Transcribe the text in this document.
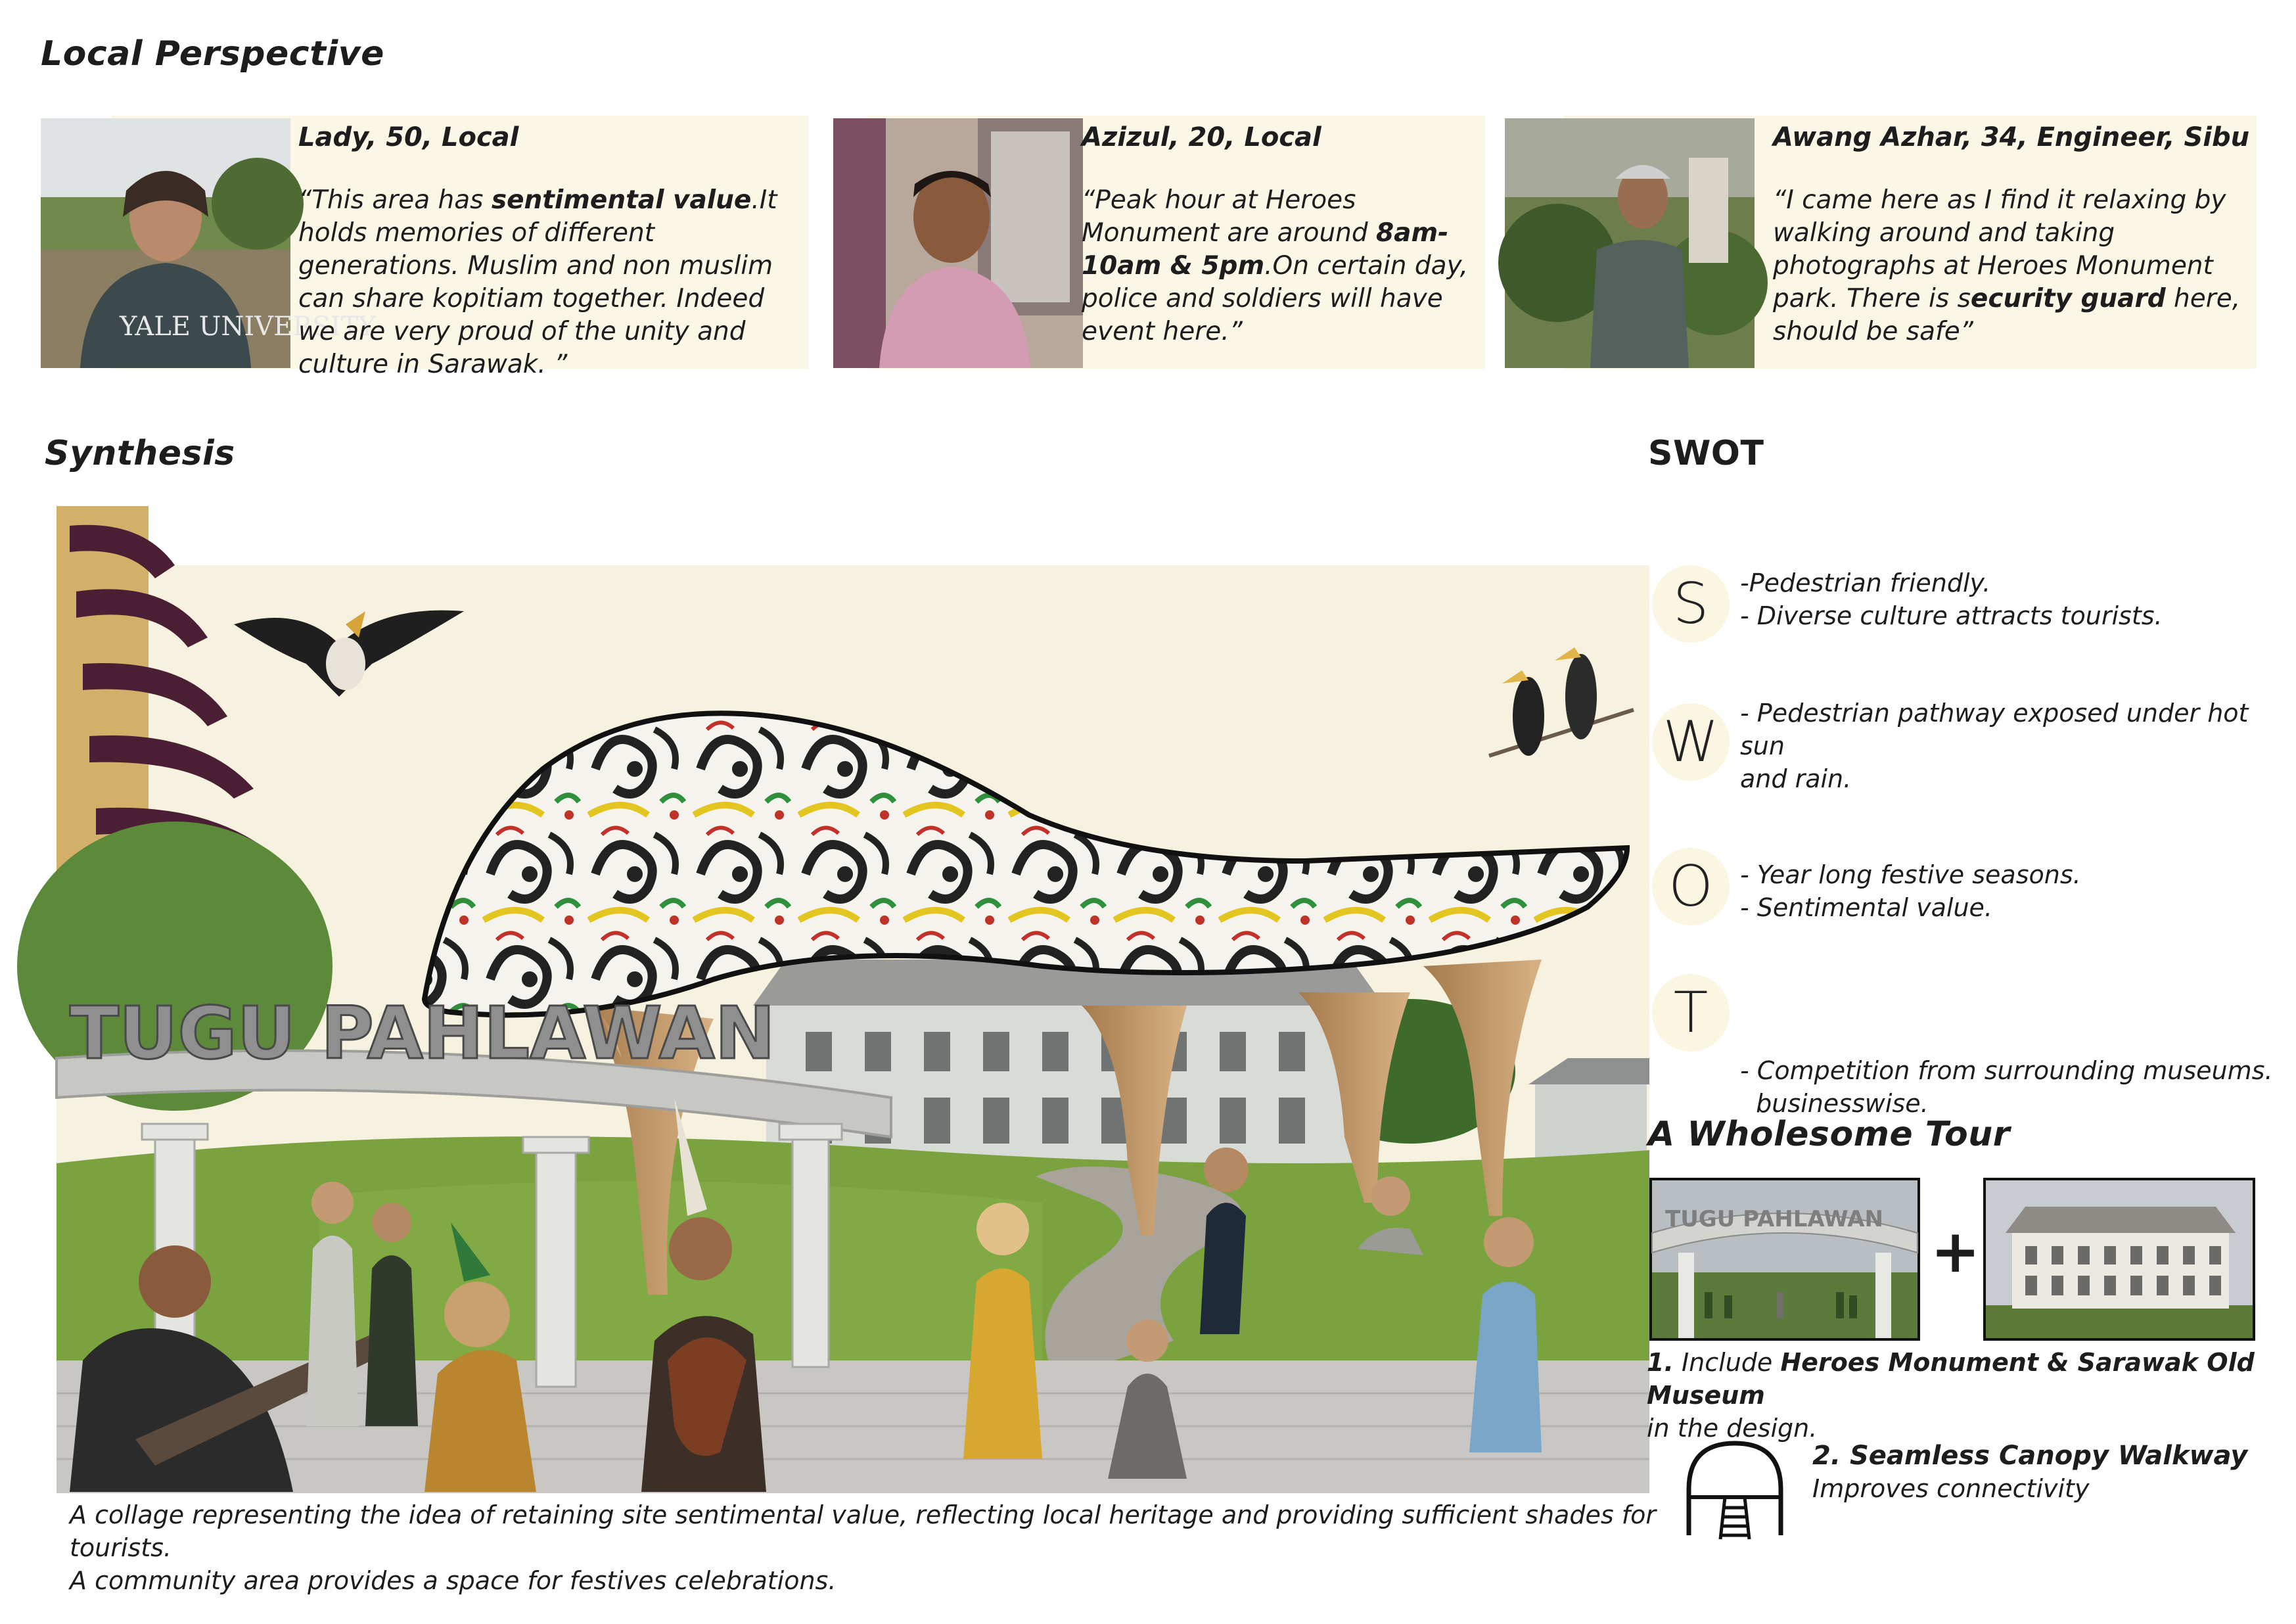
Local Perspective
YALE UNIVERSITY
Lady, 50, Local
“This area has sentimental value.It holds memories of different generations. Muslim and non muslim can share kopitiam together. Indeed we are very proud of the unity and culture in Sarawak. ”
Azizul, 20, Local
“Peak hour at Heroes Monument are around 8am-10am & 5pm.On certain day, police and soldiers will have event here.”
Awang Azhar, 34, Engineer, Sibu
“I came here as I find it relaxing by walking around and taking photographs at Heroes Monument park. There is security guard here, should be safe”
Synthesis
TUGU PAHLAWAN
A collage representing the idea of retaining site sentimental value, reflecting local heritage and providing sufficient shades for tourists.
A community area provides a space for festives celebrations.
SWOT
S	-Pedestrian friendly.
- Diverse culture attracts tourists.
W - Pedestrian pathway exposed under hot sun
and rain.
O	- Year long festive seasons.
- Sentimental value.
T

- Competition from surrounding museums.
businesswise.

A Wholesome Tour
TUGU PAHLAWAN +
1. Include Heroes Monument & Sarawak Old Museum
in the design.
2. Seamless Canopy Walkway
Improves connectivity
